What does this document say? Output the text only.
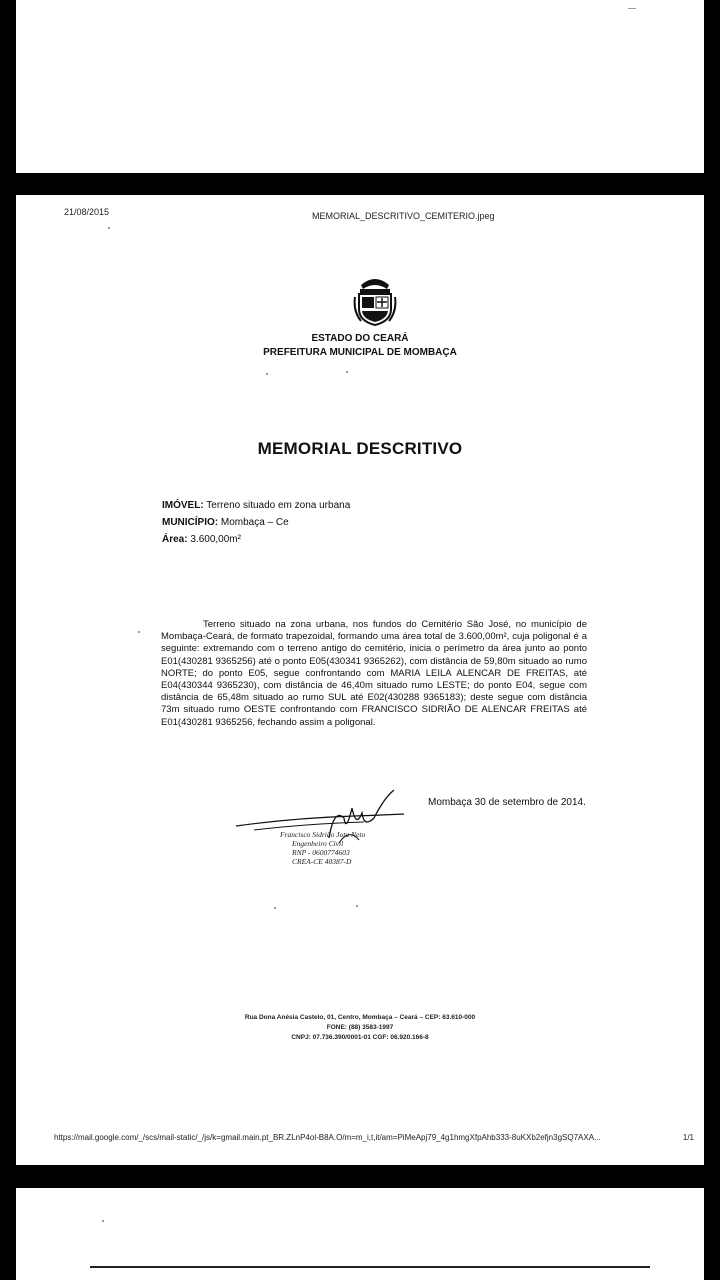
21/08/2015	MEMORIAL_DESCRITIVO_CEMITERIO.jpeg
ESTADO DO CEARÁ
PREFEITURA MUNICIPAL DE MOMBAÇA
MEMORIAL DESCRITIVO
IMÓVEL: Terreno situado em zona urbana
MUNICÍPIO: Mombaça – Ce
Área: 3.600,00m²

Terreno situado na zona urbana, nos fundos do Cemitério São José, no município de Mombaça-Ceará, de formato trapezoidal, formando uma área total de 3.600,00m², cuja poligonal é a seguinte: extremando com o terreno antigo do cemitério, inicia o perímetro da área junto ao ponto E01(430281 9365256) até o ponto E05(430341 9365262), com distância de 59,80m situado ao rumo NORTE; do ponto E05, segue confrontando com MARIA LEILA ALENCAR DE FREITAS, até E04(430344 9365230), com distância de 46,40m situado rumo LESTE; do ponto E04, segue com distância de 65,48m situado ao rumo SUL até E02(430288 9365183); deste segue com distância 73m situado rumo OESTE confrontando com FRANCISCO SIDRIÃO DE ALENCAR FREITAS até E01(430281 9365256, fechando assim a poligonal.

Mombaça 30 de setembro de 2014.
Francisco Sidrião Jota Neto
Engenheiro Civil
RNP - 0600774603
CREA-CE 40387-D
Rua Dona Anésia Castelo, 01, Centro, Mombaça – Ceará – CEP: 63.610-000
FONE: (88) 3583-1997
CNPJ: 07.736.390/0001-01 CGF: 06.920.166-8
https://mail.google.com/_/scs/mail-static/_/js/k=gmail.main.pt_BR.ZLnP4ol-B8A.O/m=m_i,t,it/am=PiMeApj79_4g1hmgXfpAhb333-8uKXb2efjn3gSQ7AXA...	1/1
